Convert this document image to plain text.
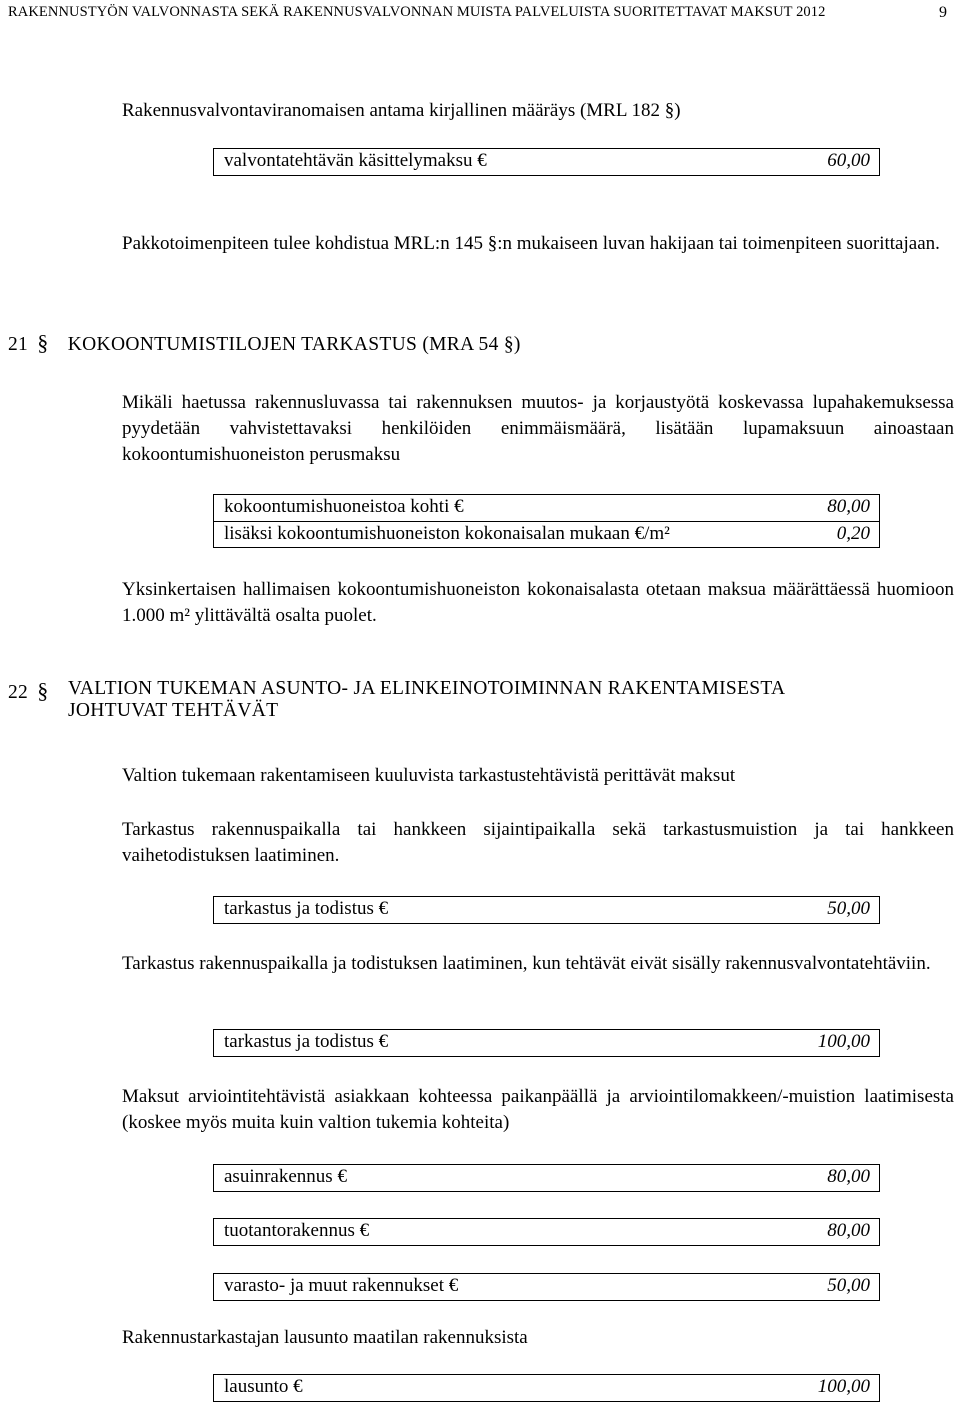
RAKENNUSTYÖN VALVONNASTA SEKÄ RAKENNUSVALVONNAN MUISTA PALVELUISTA SUORITETTAVAT MAKSUT 2012	9
Rakennusvalvontaviranomaisen antama kirjallinen määräys (MRL 182 §)
valvontatehtävän käsittelymaksu €	60,00
Pakkotoimenpiteen tulee kohdistua MRL:n 145 §:n mukaiseen luvan hakijaan tai toimenpiteen suorittajaan.
21 § KOKOONTUMISTILOJEN TARKASTUS (MRA 54 §)
Mikäli haetussa rakennusluvassa tai rakennuksen muutos- ja korjaustyötä koskevassa lupahakemuksessa pyydetään vahvistettavaksi henkilöiden enimmäismäärä, lisätään lupamaksuun ainoastaan kokoontumishuoneiston perusmaksu
kokoontumishuoneistoa kohti €	80,00
lisäksi kokoontumishuoneiston kokonaisalan mukaan €/m²	0,20
Yksinkertaisen hallimaisen kokoontumishuoneiston kokonaisalasta otetaan maksua määrättäessä huomioon 1.000 m² ylittävältä osalta puolet.
22 § VALTION TUKEMAN ASUNTO- JA ELINKEINOTOIMINNAN RAKENTAMISESTA
JOHTUVAT TEHTÄVÄT
Valtion tukemaan rakentamiseen kuuluvista tarkastustehtävistä perittävät maksut
Tarkastus rakennuspaikalla tai hankkeen sijaintipaikalla sekä tarkastusmuistion ja tai hankkeen vaihetodistuksen laatiminen.
tarkastus ja todistus €	50,00
Tarkastus rakennuspaikalla ja todistuksen laatiminen, kun tehtävät eivät sisälly rakennusvalvontatehtäviin.
tarkastus ja todistus €	100,00
Maksut arviointitehtävistä asiakkaan kohteessa paikanpäällä ja arviointilomakkeen/-muistion laatimisesta (koskee myös muita kuin valtion tukemia kohteita)
asuinrakennus €	80,00
tuotantorakennus €	80,00
varasto- ja muut rakennukset €	50,00
Rakennustarkastajan lausunto maatilan rakennuksista
lausunto €	100,00
